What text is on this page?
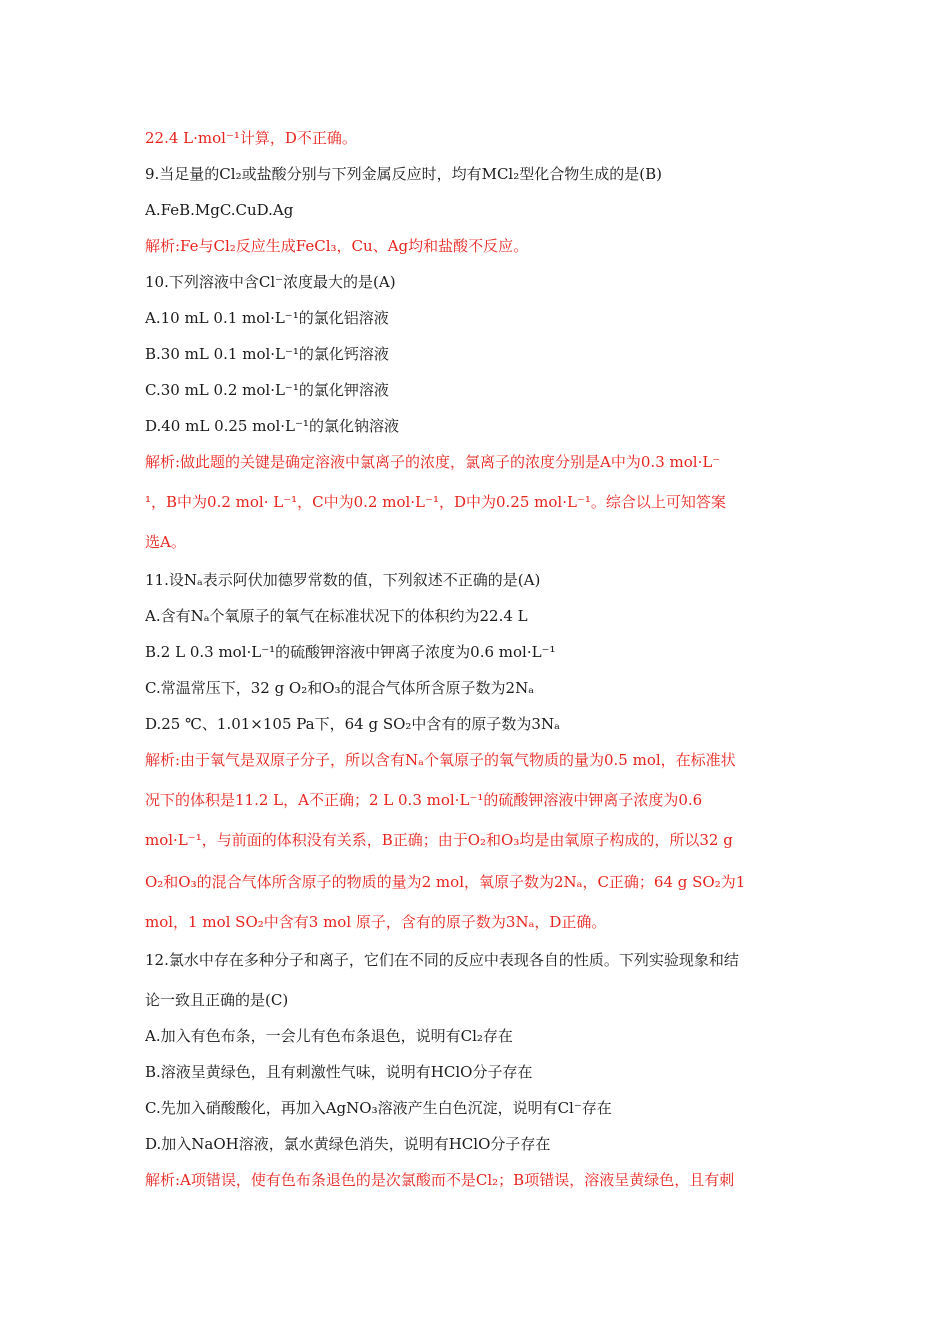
22.4 L·mol⁻¹计算，D不正确。
9.当足量的Cl₂或盐酸分别与下列金属反应时，均有MCl₂型化合物生成的是(B)
A.FeB.MgC.CuD.Ag
解析:Fe与Cl₂反应生成FeCl₃，Cu、Ag均和盐酸不反应。
10.下列溶液中含Cl⁻浓度最大的是(A)
A.10 mL 0.1 mol·L⁻¹的氯化铝溶液
B.30 mL 0.1 mol·L⁻¹的氯化钙溶液
C.30 mL 0.2 mol·L⁻¹的氯化钾溶液
D.40 mL 0.25 mol·L⁻¹的氯化钠溶液
解析:做此题的关键是确定溶液中氯离子的浓度，氯离子的浓度分别是A中为0.3 mol·L⁻
¹，B中为0.2 mol· L⁻¹，C中为0.2 mol·L⁻¹，D中为0.25 mol·L⁻¹。综合以上可知答案
选A。
11.设Nₐ表示阿伏加德罗常数的值，下列叙述不正确的是(A)
A.含有Nₐ个氧原子的氧气在标准状况下的体积约为22.4 L
B.2 L 0.3 mol·L⁻¹的硫酸钾溶液中钾离子浓度为0.6 mol·L⁻¹
C.常温常压下，32 g O₂和O₃的混合气体所含原子数为2Nₐ
D.25 ℃、1.01×105 Pa下，64 g SO₂中含有的原子数为3Nₐ
解析:由于氧气是双原子分子，所以含有Nₐ个氧原子的氧气物质的量为0.5 mol，在标准状
况下的体积是11.2 L，A不正确；2 L 0.3 mol·L⁻¹的硫酸钾溶液中钾离子浓度为0.6
mol·L⁻¹，与前面的体积没有关系，B正确；由于O₂和O₃均是由氧原子构成的，所以32 g
O₂和O₃的混合气体所含原子的物质的量为2 mol，氧原子数为2Nₐ，C正确；64 g SO₂为1
mol，1 mol SO₂中含有3 mol 原子，含有的原子数为3Nₐ，D正确。
12.氯水中存在多种分子和离子，它们在不同的反应中表现各自的性质。下列实验现象和结
论一致且正确的是(C)
A.加入有色布条，一会儿有色布条退色，说明有Cl₂存在
B.溶液呈黄绿色，且有刺激性气味，说明有HClO分子存在
C.先加入硝酸酸化，再加入AgNO₃溶液产生白色沉淀，说明有Cl⁻存在
D.加入NaOH溶液，氯水黄绿色消失，说明有HClO分子存在
解析:A项错误，使有色布条退色的是次氯酸而不是Cl₂；B项错误，溶液呈黄绿色，且有刺
